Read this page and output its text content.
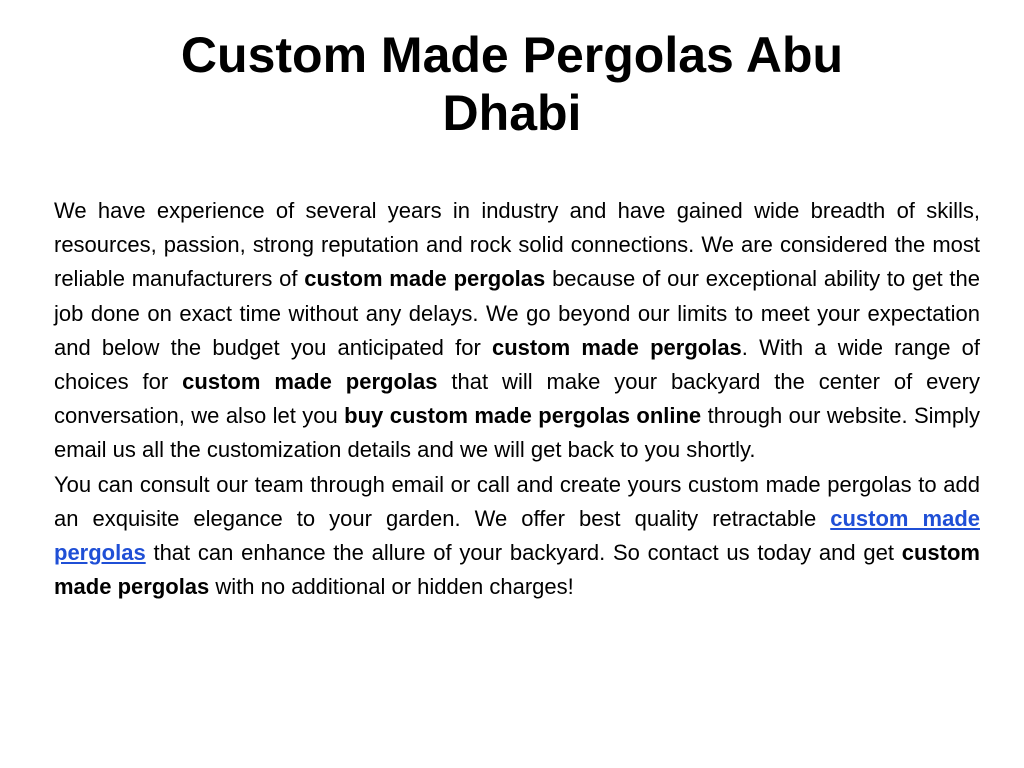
Custom Made Pergolas Abu Dhabi

We have experience of several years in industry and have gained wide breadth of skills, resources, passion, strong reputation and rock solid connections. We are considered the most reliable manufacturers of custom made pergolas because of our exceptional ability to get the job done on exact time without any delays. We go beyond our limits to meet your expectation and below the budget you anticipated for custom made pergolas. With a wide range of choices for custom made pergolas that will make your backyard the center of every conversation, we also let you buy custom made pergolas online through our website. Simply email us all the customization details and we will get back to you shortly.

You can consult our team through email or call and create yours custom made pergolas to add an exquisite elegance to your garden. We offer best quality retractable custom made pergolas that can enhance the allure of your backyard. So contact us today and get custom made pergolas with no additional or hidden charges!
